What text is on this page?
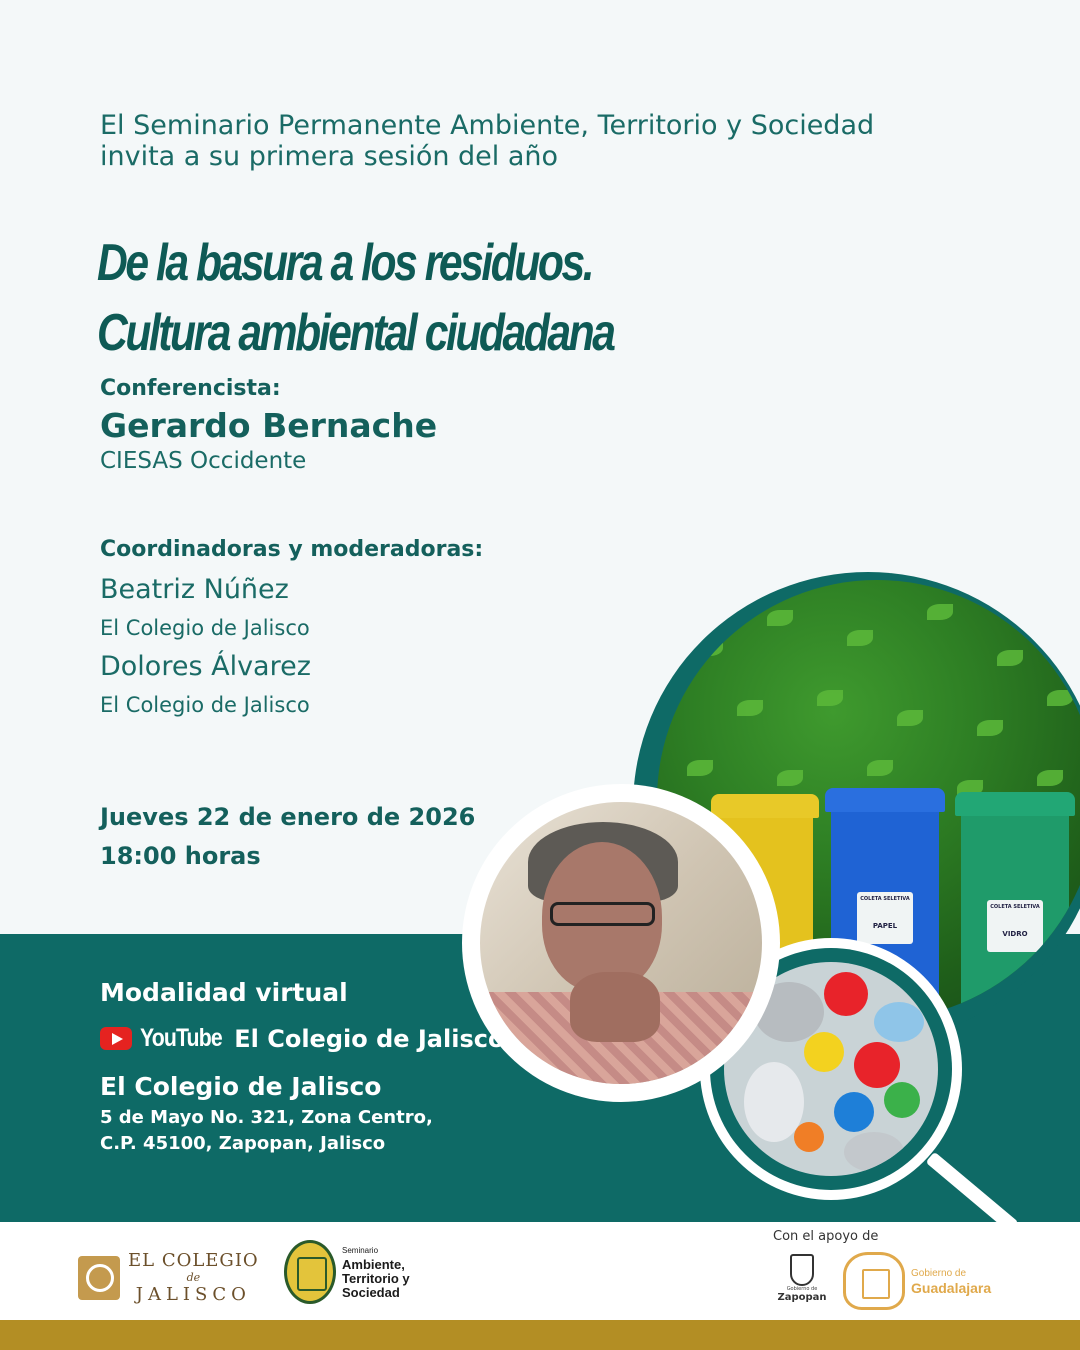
El Seminario Permanente Ambiente, Territorio y Sociedad
invita a su primera sesión del año
De la basura a los residuos.
Cultura ambiental ciudadana
Conferencista:
Gerardo Bernache
CIESAS Occidente
Coordinadoras y moderadoras:
Beatriz Núñez
El Colegio de Jalisco
Dolores Álvarez
El Colegio de Jalisco
Jueves 22 de enero de 2026
18:00 horas
COLETA SELETIVA
PAPEL
COLETA SELETIVA
VIDRO
Modalidad virtual
YouTube El Colegio de Jalisco
El Colegio de Jalisco
5 de Mayo No. 321, Zona Centro,
C.P. 45100, Zapopan, Jalisco
EL COLEGIO
de
JALISCO
Seminario
Ambiente,
Territorio y
Sociedad
Con el apoyo de
Gobierno de
Zapopan
Gobierno de
Guadalajara
